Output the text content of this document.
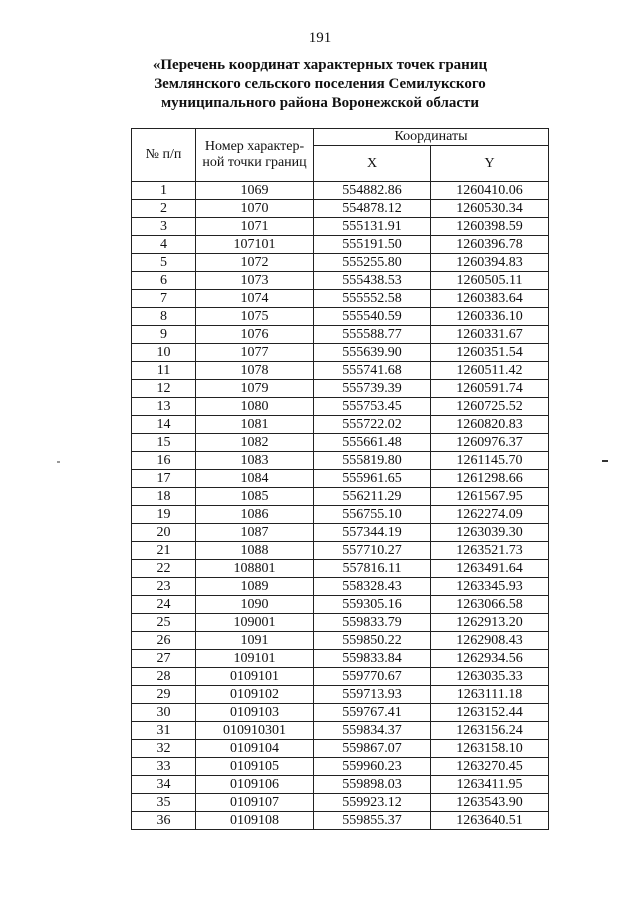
191
«Перечень координат характерных точек границ
Землянского сельского поселения Семилукского
муниципального района Воронежской области
№ п/п	Номер характер-ной точки границ	Координаты	
		X	Y
1	1069	554882.86	1260410.06
2	1070	554878.12	1260530.34
3	1071	555131.91	1260398.59
4	107101	555191.50	1260396.78
5	1072	555255.80	1260394.83
6	1073	555438.53	1260505.11
7	1074	555552.58	1260383.64
8	1075	555540.59	1260336.10
9	1076	555588.77	1260331.67
10	1077	555639.90	1260351.54
11	1078	555741.68	1260511.42
12	1079	555739.39	1260591.74
13	1080	555753.45	1260725.52
14	1081	555722.02	1260820.83
15	1082	555661.48	1260976.37
16	1083	555819.80	1261145.70
17	1084	555961.65	1261298.66
18	1085	556211.29	1261567.95
19	1086	556755.10	1262274.09
20	1087	557344.19	1263039.30
21	1088	557710.27	1263521.73
22	108801	557816.11	1263491.64
23	1089	558328.43	1263345.93
24	1090	559305.16	1263066.58
25	109001	559833.79	1262913.20
26	1091	559850.22	1262908.43
27	109101	559833.84	1262934.56
28	0109101	559770.67	1263035.33
29	0109102	559713.93	1263111.18
30	0109103	559767.41	1263152.44
31	010910301	559834.37	1263156.24
32	0109104	559867.07	1263158.10
33	0109105	559960.23	1263270.45
34	0109106	559898.03	1263411.95
35	0109107	559923.12	1263543.90
36	0109108	559855.37	1263640.51
